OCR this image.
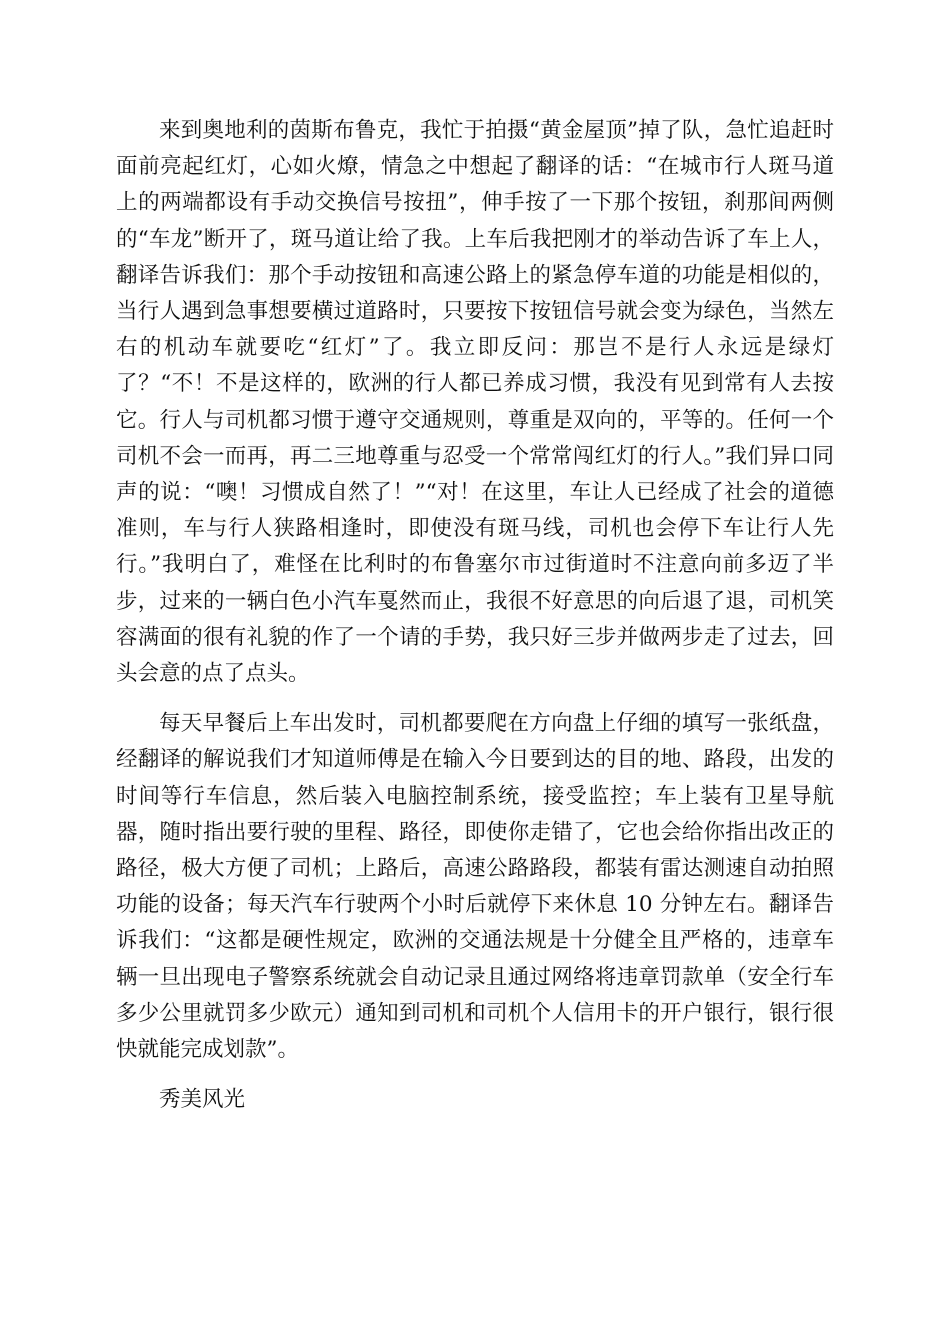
来到奥地利的茵斯布鲁克，我忙于拍摄“黄金屋顶”掉了队，急忙追赶时面前亮起红灯，心如火燎，情急之中想起了翻译的话：“在城市行人斑马道上的两端都设有手动交换信号按扭”，伸手按了一下那个按钮，刹那间两侧的“车龙”断开了，斑马道让给了我。上车后我把刚才的举动告诉了车上人，翻译告诉我们：那个手动按钮和高速公路上的紧急停车道的功能是相似的，当行人遇到急事想要横过道路时，只要按下按钮信号就会变为绿色，当然左右的机动车就要吃“红灯”了。我立即反问：那岂不是行人永远是绿灯了？“不！不是这样的，欧洲的行人都已养成习惯，我没有见到常有人去按它。行人与司机都习惯于遵守交通规则，尊重是双向的，平等的。任何一个司机不会一而再，再二三地尊重与忍受一个常常闯红灯的行人。”我们异口同声的说：“噢！习惯成自然了！”“对！在这里，车让人已经成了社会的道德准则，车与行人狭路相逢时，即使没有斑马线，司机也会停下车让行人先行。”我明白了，难怪在比利时的布鲁塞尔市过街道时不注意向前多迈了半步，过来的一辆白色小汽车戛然而止，我很不好意思的向后退了退，司机笑容满面的很有礼貌的作了一个请的手势，我只好三步并做两步走了过去，回头会意的点了点头。

每天早餐后上车出发时，司机都要爬在方向盘上仔细的填写一张纸盘，经翻译的解说我们才知道师傅是在输入今日要到达的目的地、路段，出发的时间等行车信息，然后装入电脑控制系统，接受监控；车上装有卫星导航器，随时指出要行驶的里程、路径，即使你走错了，它也会给你指出改正的路径，极大方便了司机；上路后，高速公路路段，都装有雷达测速自动拍照功能的设备；每天汽车行驶两个小时后就停下来休息 10 分钟左右。翻译告诉我们：“这都是硬性规定，欧洲的交通法规是十分健全且严格的，违章车辆一旦出现电子警察系统就会自动记录且通过网络将违章罚款单（安全行车多少公里就罚多少欧元）通知到司机和司机个人信用卡的开户银行，银行很快就能完成划款”。

秀美风光
